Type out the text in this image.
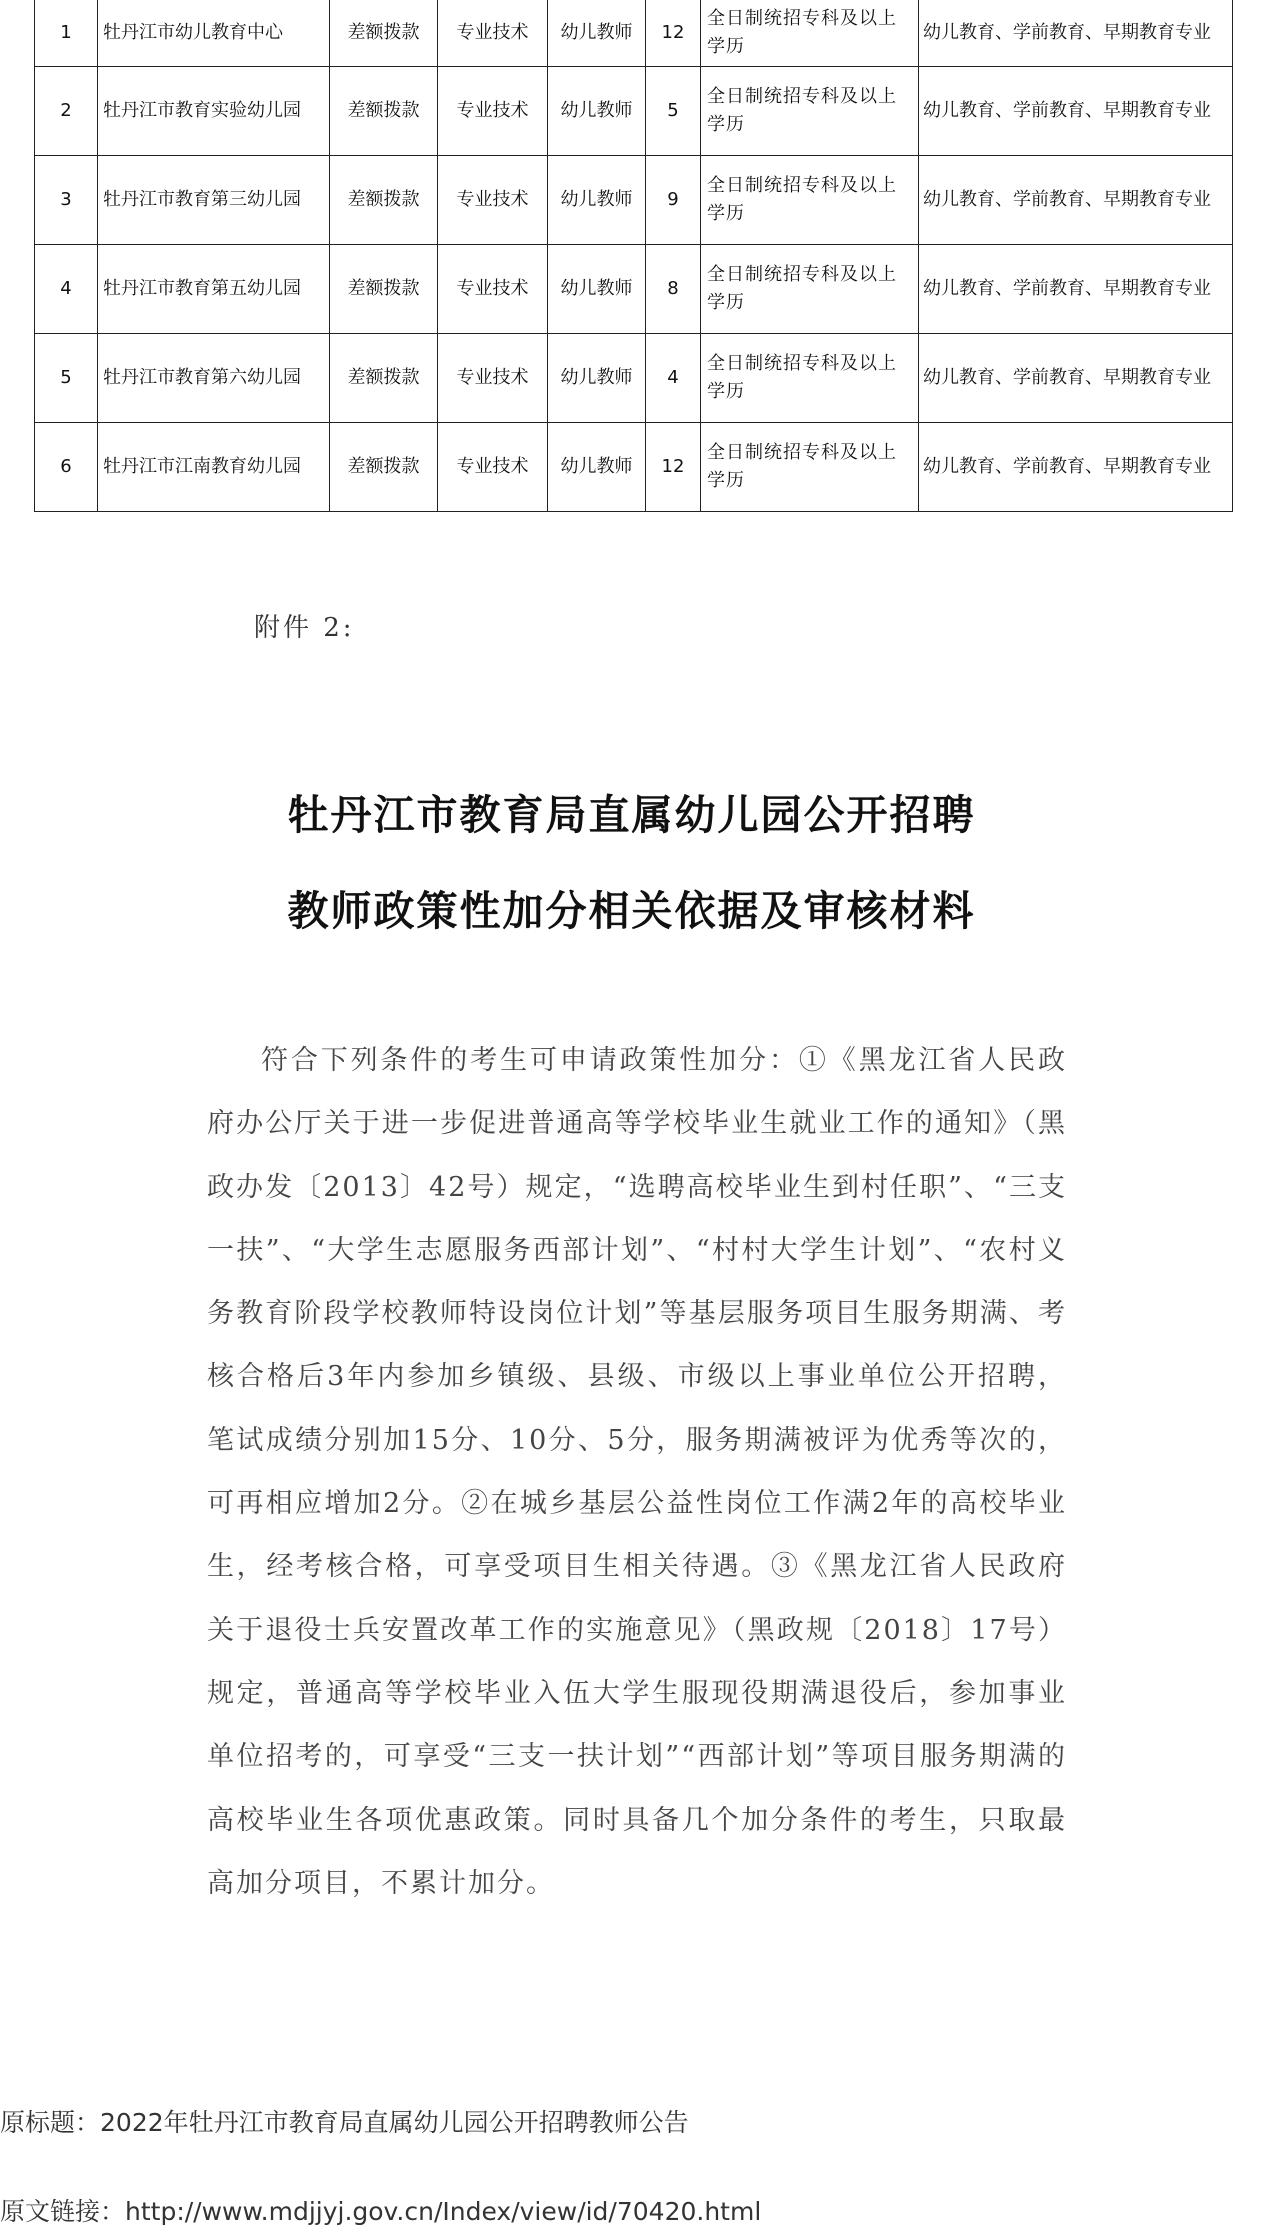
1	牡丹江市幼儿教育中心	差额拨款	专业技术	幼儿教师	12	全日制统招专科及以上学历	幼儿教育、学前教育、早期教育专业
2	牡丹江市教育实验幼儿园	差额拨款	专业技术	幼儿教师	5	全日制统招专科及以上学历	幼儿教育、学前教育、早期教育专业
3	牡丹江市教育第三幼儿园	差额拨款	专业技术	幼儿教师	9	全日制统招专科及以上学历	幼儿教育、学前教育、早期教育专业
4	牡丹江市教育第五幼儿园	差额拨款	专业技术	幼儿教师	8	全日制统招专科及以上学历	幼儿教育、学前教育、早期教育专业
5	牡丹江市教育第六幼儿园	差额拨款	专业技术	幼儿教师	4	全日制统招专科及以上学历	幼儿教育、学前教育、早期教育专业
6	牡丹江市江南教育幼儿园	差额拨款	专业技术	幼儿教师	12	全日制统招专科及以上学历	幼儿教育、学前教育、早期教育专业
附件 2:
牡丹江市教育局直属幼儿园公开招聘
教师政策性加分相关依据及审核材料

符合下列条件的考生可申请政策性加分：①《黑龙江省人民政府办公厅关于进一步促进普通高等学校毕业生就业工作的通知》（黑政办发〔2013〕42号）规定，“选聘高校毕业生到村任职”、“三支一扶”、“大学生志愿服务西部计划”、“村村大学生计划”、“农村义务教育阶段学校教师特设岗位计划”等基层服务项目生服务期满、考核合格后3年内参加乡镇级、县级、市级以上事业单位公开招聘，笔试成绩分别加15分、10分、5分，服务期满被评为优秀等次的，可再相应增加2分。②在城乡基层公益性岗位工作满2年的高校毕业生，经考核合格，可享受项目生相关待遇。③《黑龙江省人民政府关于退役士兵安置改革工作的实施意见》（黑政规〔2018〕17号）规定，普通高等学校毕业入伍大学生服现役期满退役后，参加事业单位招考的，可享受“三支一扶计划”“西部计划”等项目服务期满的高校毕业生各项优惠政策。同时具备几个加分条件的考生，只取最高加分项目，不累计加分。

原标题：2022年牡丹江市教育局直属幼儿园公开招聘教师公告
原文链接：http://www.mdjjyj.gov.cn/Index/view/id/70420.html
